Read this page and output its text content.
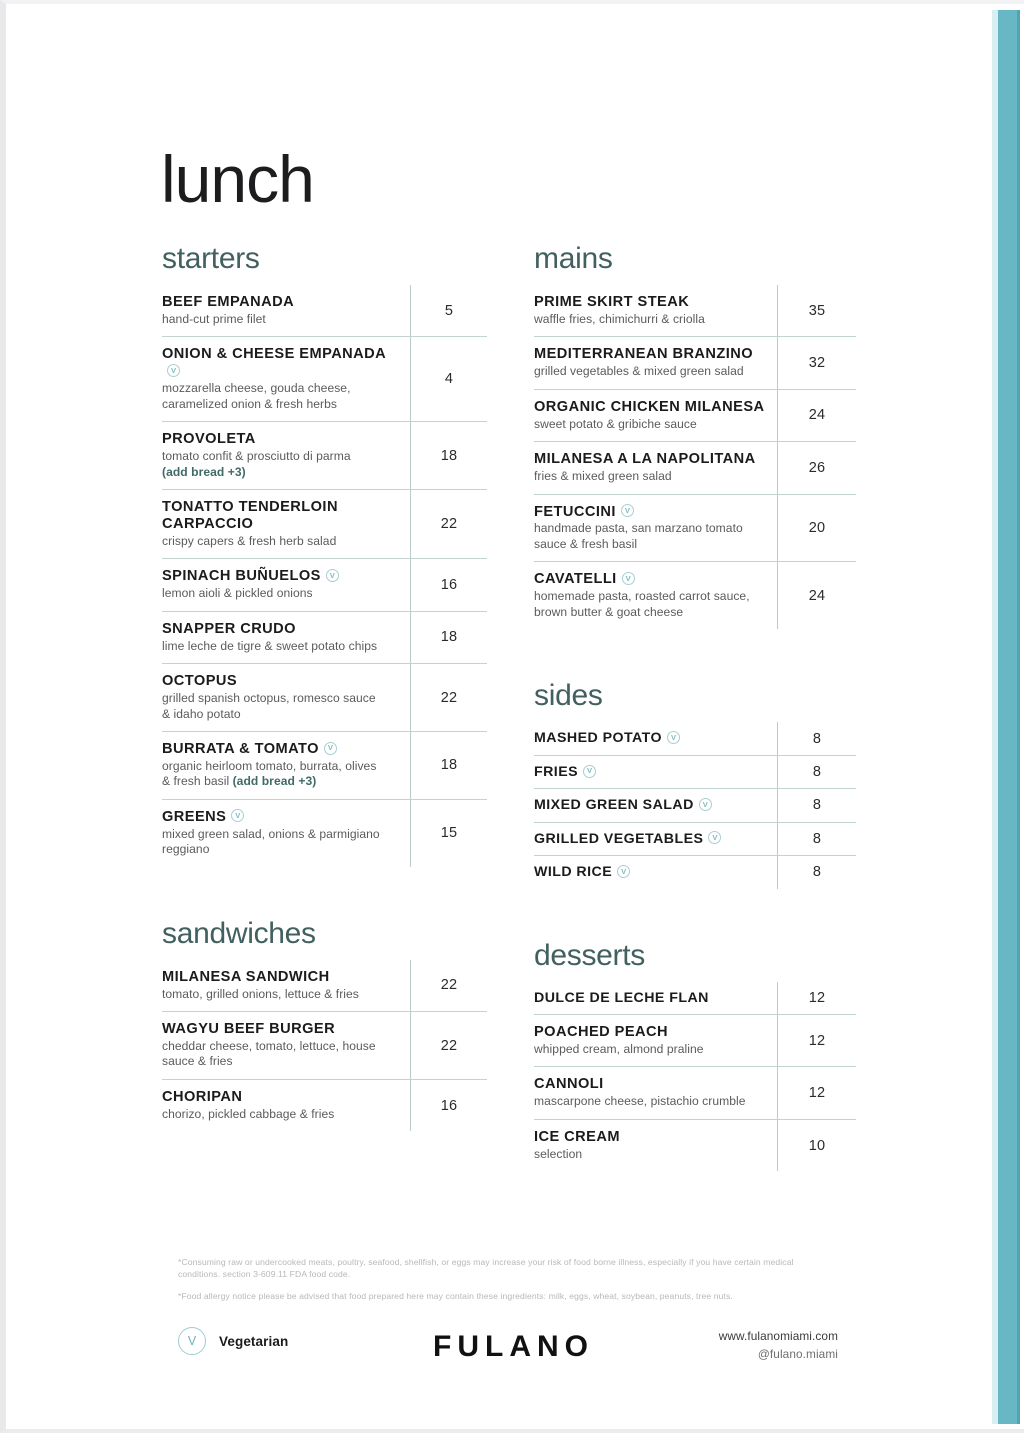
lunch
starters
BEEF EMPANADA
hand-cut prime filet
5
ONION & CHEESE EMPANADAV
mozzarella cheese, gouda cheese,
caramelized onion & fresh herbs
4
PROVOLETA
tomato confit & prosciutto di parma
(add bread +3)
18
TONATTO TENDERLOIN
CARPACCIO
crispy capers & fresh herb salad
22
SPINACH BUÑUELOS V
lemon aioli & pickled onions
16
SNAPPER CRUDO
lime leche de tigre & sweet potato chips
18
OCTOPUS
grilled spanish octopus, romesco sauce
& idaho potato
22
BURRATA & TOMATO V
organic heirloom tomato, burrata, olives
& fresh basil (add bread +3)
18
GREENS V
mixed green salad, onions & parmigiano reggiano
15
sandwiches
MILANESA SANDWICH
tomato, grilled onions, lettuce & fries
22
WAGYU BEEF BURGER
cheddar cheese, tomato, lettuce, house
sauce & fries
22
CHORIPAN
chorizo, pickled cabbage & fries
16
mains
PRIME SKIRT STEAK
waffle fries, chimichurri & criolla
35
MEDITERRANEAN BRANZINO
grilled vegetables & mixed green salad
32
ORGANIC CHICKEN MILANESA
sweet potato & gribiche sauce
24
MILANESA A LA NAPOLITANA
fries & mixed green salad
26
FETUCCINI V
handmade pasta, san marzano tomato
sauce & fresh basil
20
CAVATELLI V
homemade pasta, roasted carrot sauce,
brown butter & goat cheese
24
sides
MASHED POTATO V	8
FRIES V	8
MIXED GREEN SALAD V	8
GRILLED VEGETABLES V	8
WILD RICE V	8
desserts
DULCE DE LECHE FLAN	12
POACHED PEACH
whipped cream, almond praline
12
CANNOLI
mascarpone cheese, pistachio crumble
12
ICE CREAM
selection
10
*Consuming raw or undercooked meats, poultry, seafood, shellfish, or eggs may increase your risk of food borne illness, especially if you have certain medical conditions. section 3-609.11 FDA food code.
*Food allergy notice please be advised that food prepared here may contain these ingredients: milk, eggs, wheat, soybean, peanuts, tree nuts.
V	Vegetarian	FULANO	www.fulanomiami.com
@fulano.miami
